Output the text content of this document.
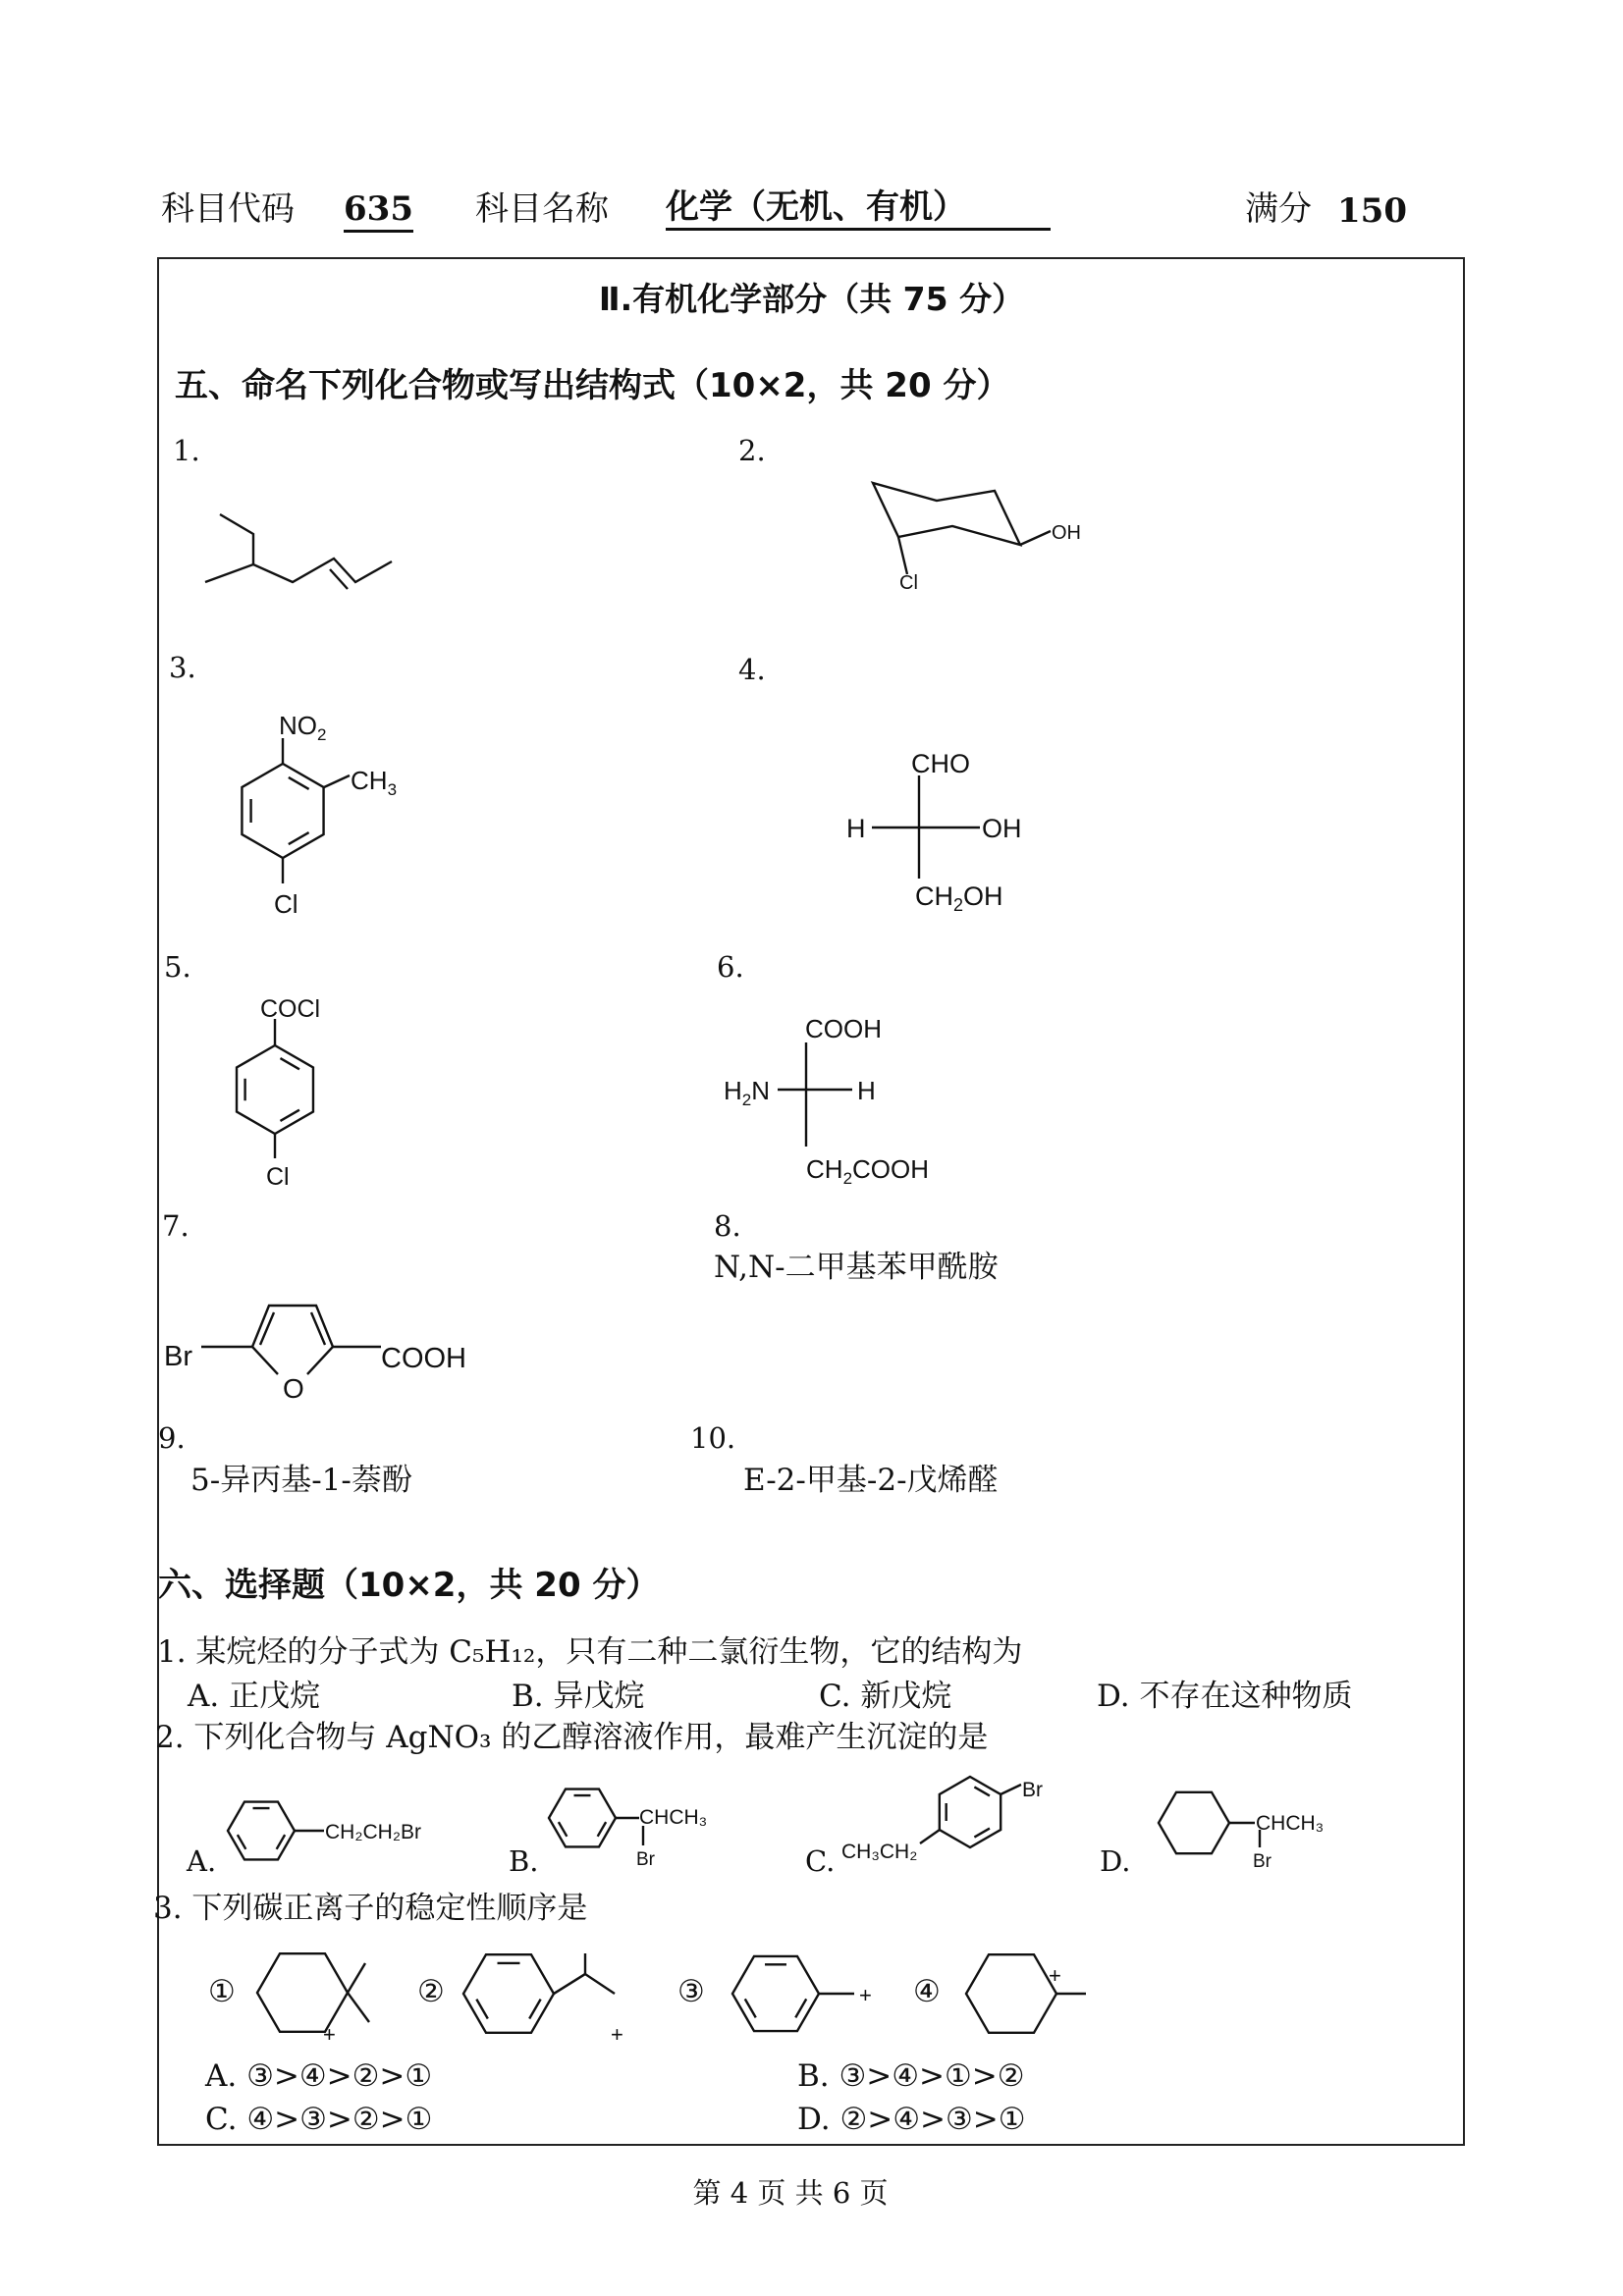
科目代码 635 科目名称 化学（无机、有机）	满分 150
Ⅱ.有机化学部分（共 75 分）
五、命名下列化合物或写出结构式（10×2，共 20 分）
1.	2.
3.	4.
5.	6.
7.	8.
N,N-二甲基苯甲酰胺
9.	10.
5-异丙基-1-萘酚	E-2-甲基-2-戊烯醛
六、选择题（10×2，共 20 分）
1. 某烷烃的分子式为 C₅H₁₂，只有二种二氯衍生物，它的结构为
A. 正戊烷	B. 异戊烷	C. 新戊烷	D. 不存在这种物质
2. 下列化合物与 AgNO₃ 的乙醇溶液作用，最难产生沉淀的是
A.	B.	C.	D.
3. 下列碳正离子的稳定性顺序是
①	②	③	④
A. ③>④>②>①	B. ③>④>①>②
C. ④>③>②>①	D. ②>④>③>①
第 4 页 共 6 页
OH
Cl
$NO_2$
$CH_3$
Cl
CHO
H	OH
$CH_2OH$
COCl
Cl
COOH
$H_2N$	H
$CH_2COOH$
Br
O
COOH
CH₂CH₂Br
CHCH₃
Br
Br
CH₃CH₂
CHCH₃
Br
+	+
+
+
